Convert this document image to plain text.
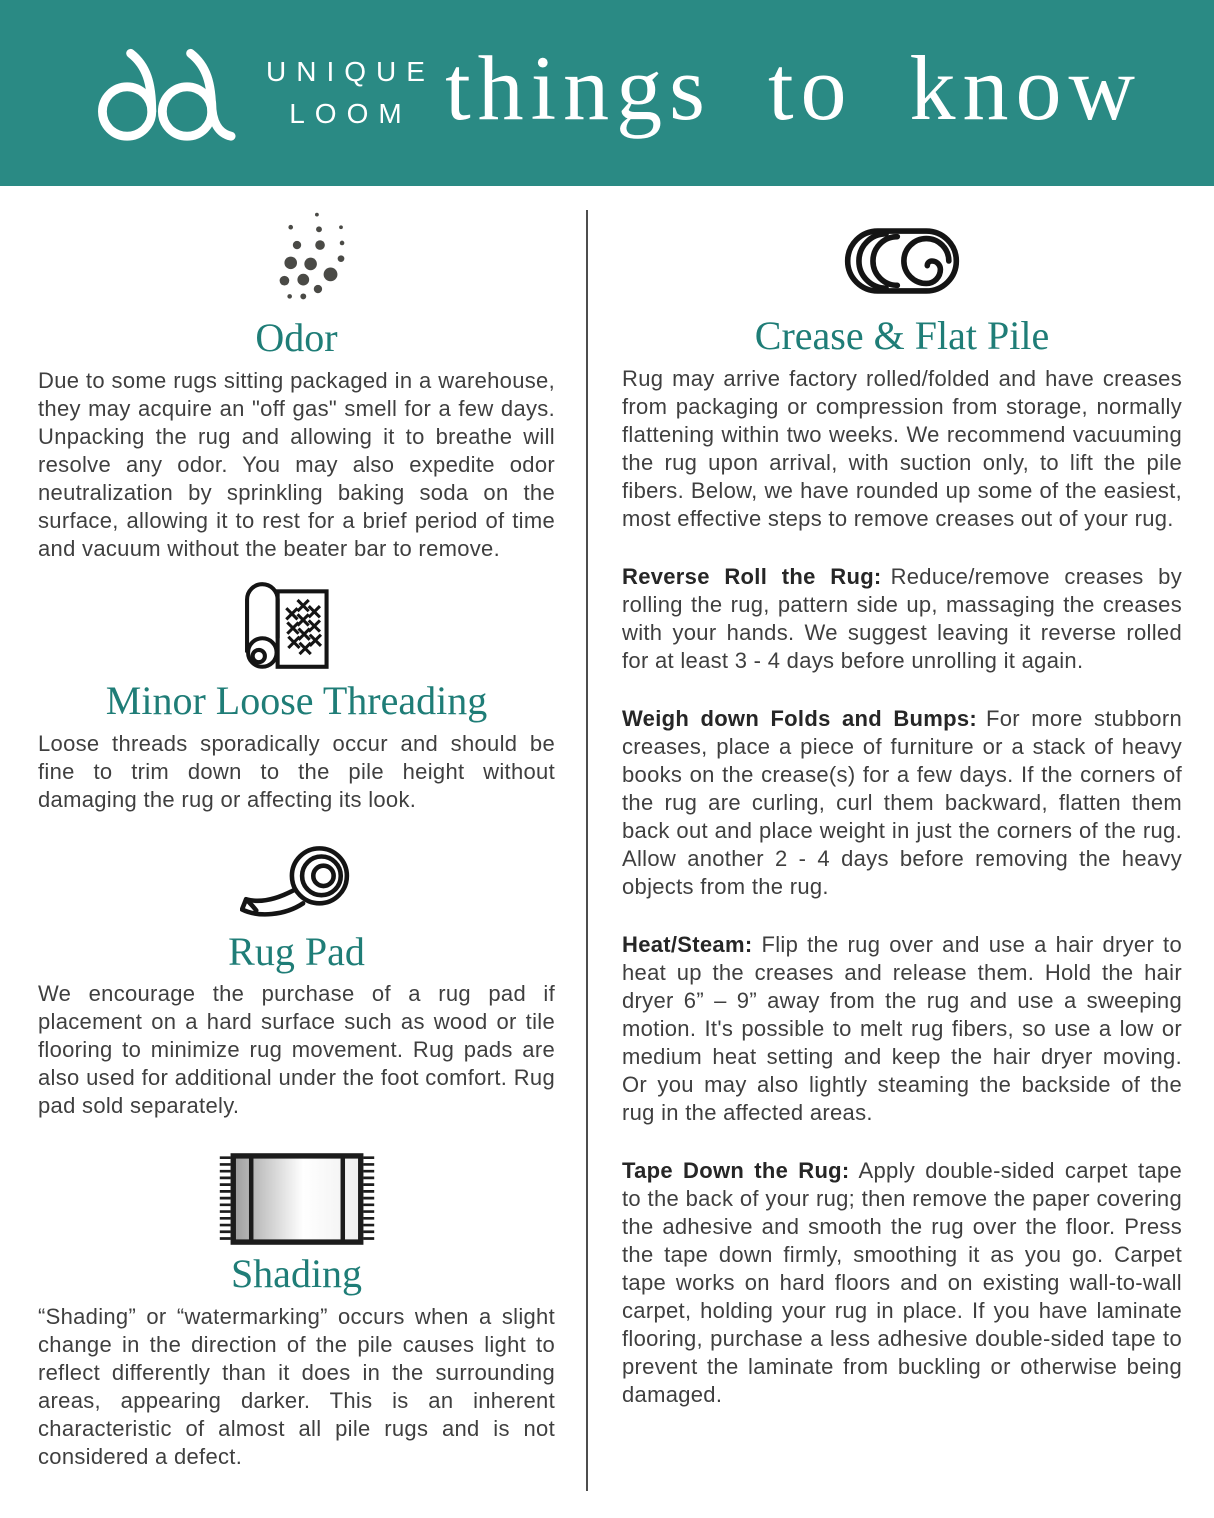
UNIQUE
LOOM things to know
Odor

Due to some rugs sitting packaged in a warehouse, they may acquire an "off gas" smell for a few days. Unpacking the rug and allowing it to breathe will resolve any odor. You may also expedite odor neutralization by sprinkling baking soda on the surface, allowing it to rest for a brief period of time and vacuum without the beater bar to remove.

Minor Loose Threading

Loose threads sporadically occur and should be fine to trim down to the pile height without damaging the rug or affecting its look.

Rug Pad

We encourage the purchase of a rug pad if placement on a hard surface such as wood or tile flooring to minimize rug movement. Rug pads are also used for additional under the foot comfort. Rug pad sold separately.

Shading

“Shading” or “watermarking” occurs when a slight change in the direction of the pile causes light to reflect differently than it does in the surrounding areas, appearing darker. This is an inherent characteristic of almost all pile rugs and is not considered a defect.

Crease & Flat Pile

Rug may arrive factory rolled/folded and have creases from packaging or compression from storage, normally flattening within two weeks. We recommend vacuuming the rug upon arrival, with suction only, to lift the pile fibers. Below, we have rounded up some of the easiest, most effective steps to remove creases out of your rug.

Reverse Roll the Rug: Reduce/remove creases by rolling the rug, pattern side up, massaging the creases with your hands. We suggest leaving it reverse rolled for at least 3 - 4 days before unrolling it again.

Weigh down Folds and Bumps: For more stubborn creases, place a piece of furniture or a stack of heavy books on the crease(s) for a few days. If the corners of the rug are curling, curl them backward, flatten them back out and place weight in just the corners of the rug. Allow another 2 - 4 days before removing the heavy objects from the rug.

Heat/Steam: Flip the rug over and use a hair dryer to heat up the creases and release them. Hold the hair dryer 6” – 9” away from the rug and use a sweeping motion. It's possible to melt rug fibers, so use a low or medium heat setting and keep the hair dryer moving. Or you may also lightly steaming the backside of the rug in the affected areas.

Tape Down the Rug: Apply double-sided carpet tape to the back of your rug; then remove the paper covering the adhesive and smooth the rug over the floor. Press the tape down firmly, smoothing it as you go. Carpet tape works on hard floors and on existing wall-to-wall carpet, holding your rug in place. If you have laminate flooring, purchase a less adhesive double-sided tape to prevent the laminate from buckling or otherwise being damaged.
